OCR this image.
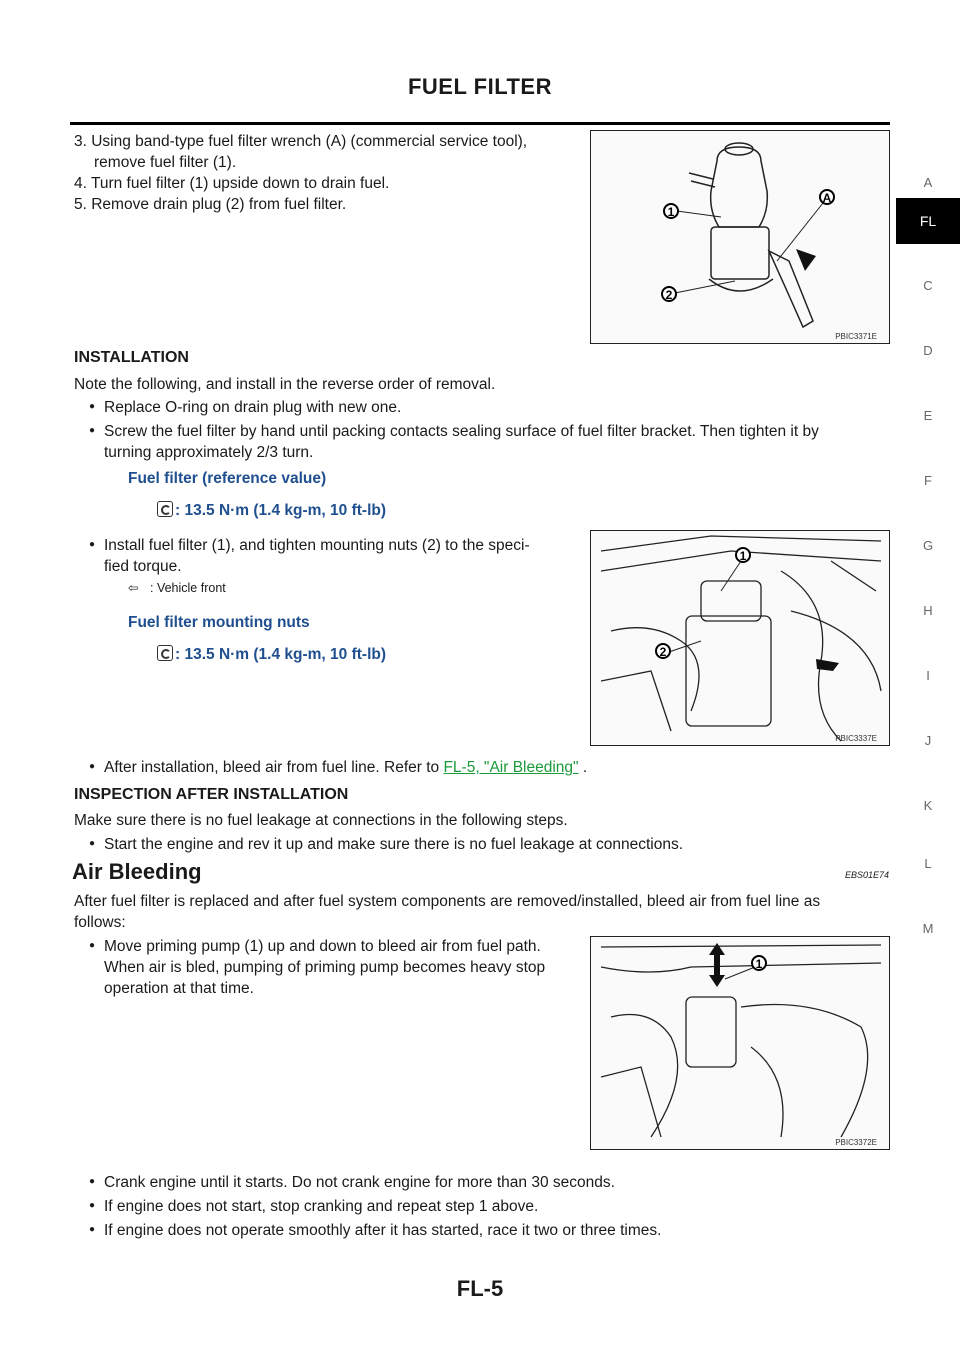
FUEL FILTER
A
FL
C
D
E
F
G
H
I
J
K
L
M
3. Using band-type fuel filter wrench (A) (commercial service tool),
remove fuel filter (1).
4. Turn fuel filter (1) upside down to drain fuel.
5. Remove drain plug (2) from fuel filter.	1
A
2
PBIC3371E
INSTALLATION
Note the following, and install in the reverse order of removal.
● Replace O-ring on drain plug with new one.
● Screw the fuel filter by hand until packing contacts sealing surface of fuel filter bracket. Then tighten it by
turning approximately 2/3 turn.
Fuel filter (reference value)
: 13.5 N·m (1.4 kg-m, 10 ft-lb)
● Install fuel filter (1), and tighten mounting nuts (2) to the speci-
fied torque.
⇦ : Vehicle front
Fuel filter mounting nuts
: 13.5 N·m (1.4 kg-m, 10 ft-lb)
1
2
PBIC3337E
● After installation, bleed air from fuel line. Refer to FL-5, "Air Bleeding" .
INSPECTION AFTER INSTALLATION
Make sure there is no fuel leakage at connections in the following steps.
● Start the engine and rev it up and make sure there is no fuel leakage at connections.
Air Bleeding	EBS01E74
After fuel filter is replaced and after fuel system components are removed/installed, bleed air from fuel line as
follows:
● Move priming pump (1) up and down to bleed air from fuel path.
When air is bled, pumping of priming pump becomes heavy stop
operation at that time.
1
PBIC3372E
● Crank engine until it starts. Do not crank engine for more than 30 seconds.
● If engine does not start, stop cranking and repeat step 1 above.
● If engine does not operate smoothly after it has started, race it two or three times.
FL-5
